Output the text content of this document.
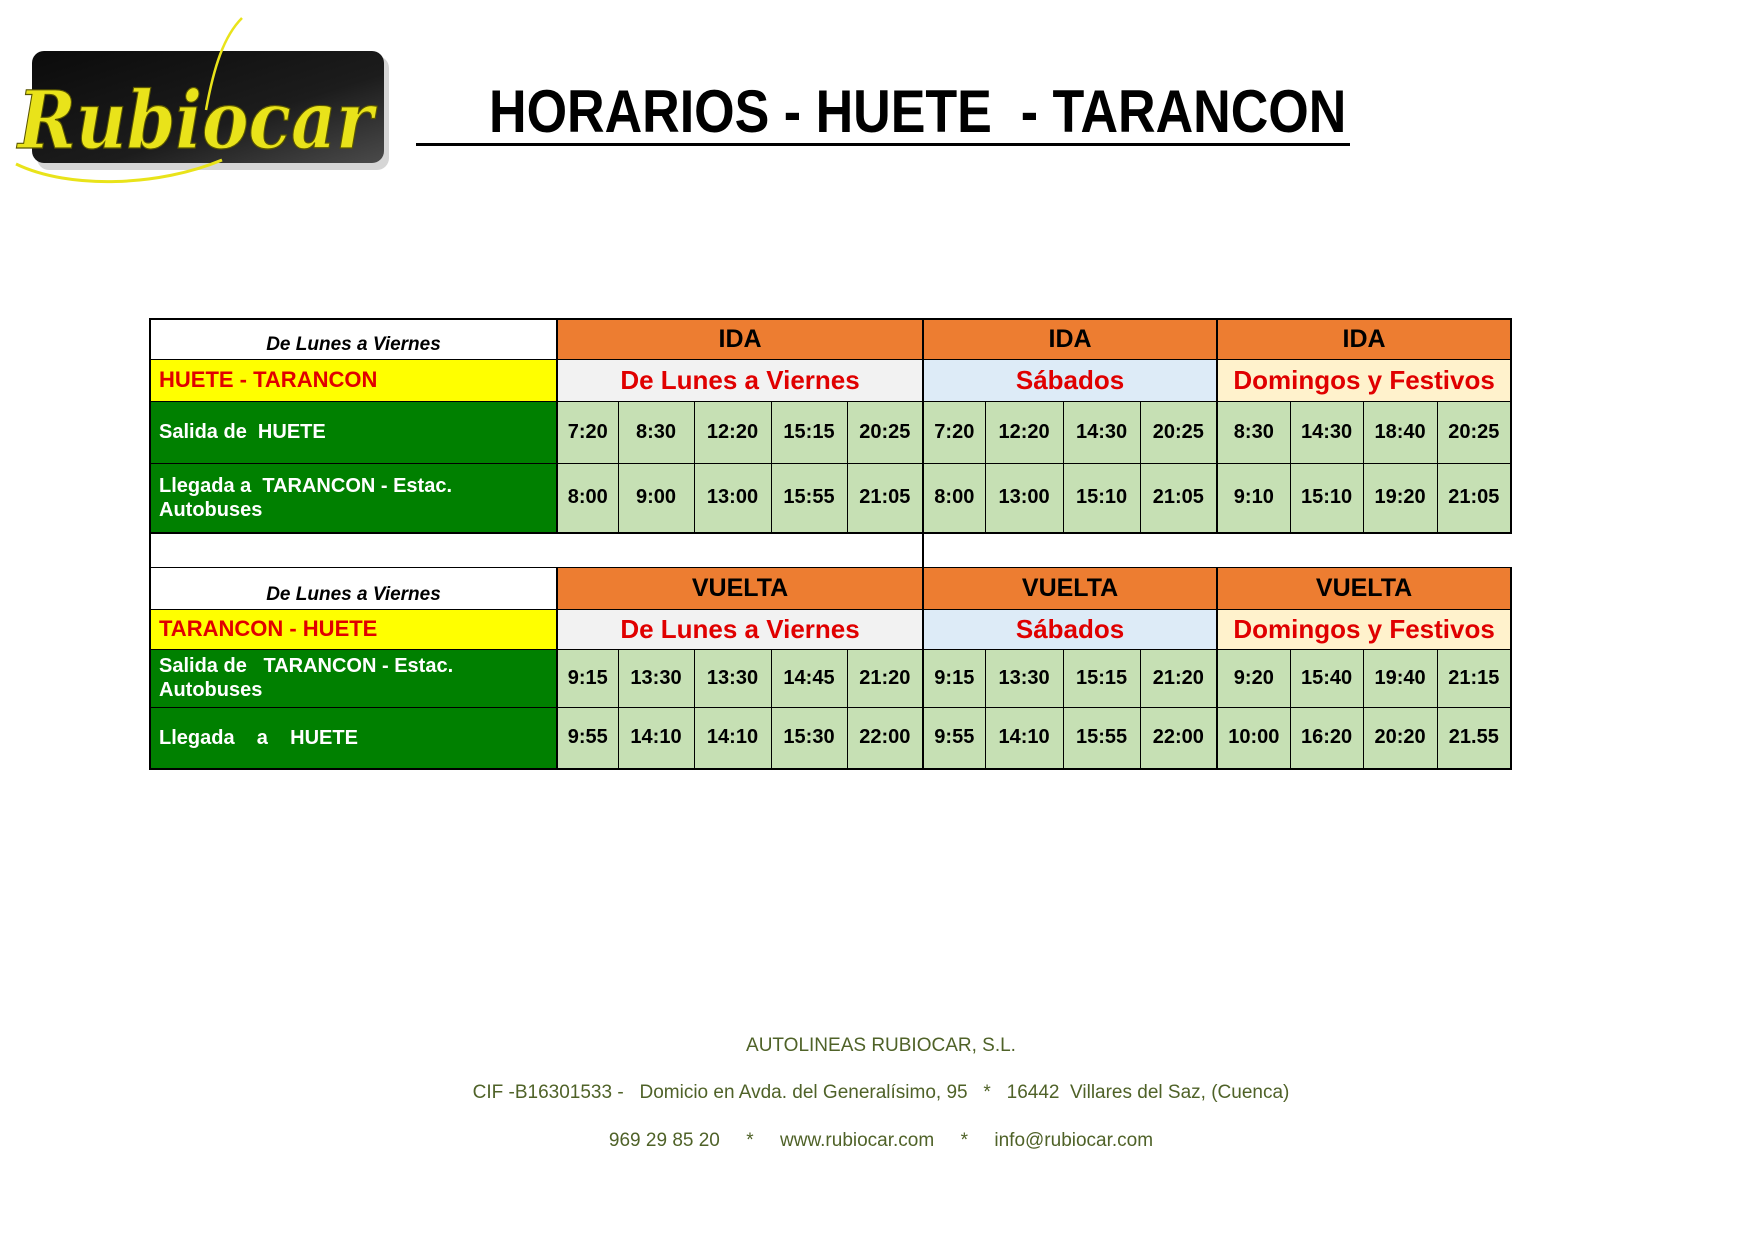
Rubiocar	HORARIOS - HUETE  - TARANCON
De Lunes a Viernes	IDA					IDA				IDA			
HUETE - TARANCON	De Lunes a Viernes					Sábados				Domingos y Festivos			
Salida de  HUETE	7:20	8:30	12:20	15:15	20:25	7:20	12:20	14:30	20:25	8:30	14:30	18:40	20:25
Llegada a  TARANCON - Estac. Autobuses	8:00	9:00	13:00	15:55	21:05	8:00	13:00	15:10	21:05	9:10	15:10	19:20	21:05

De Lunes a Viernes	VUELTA					VUELTA				VUELTA			
TARANCON - HUETE	De Lunes a Viernes					Sábados				Domingos y Festivos			
Salida de   TARANCON - Estac. Autobuses	9:15	13:30	13:30	14:45	21:20	9:15	13:30	15:15	21:20	9:20	15:40	19:40	21:15
Llegada    a    HUETE	9:55	14:10	14:10	15:30	22:00	9:55	14:10	15:55	22:00	10:00	16:20	20:20	21.55
AUTOLINEAS RUBIOCAR, S.L.
CIF -B16301533 -   Domicio en Avda. del Generalísimo, 95   *   16442  Villares del Saz, (Cuenca)
969 29 85 20     *     www.rubiocar.com     *     info@rubiocar.com
